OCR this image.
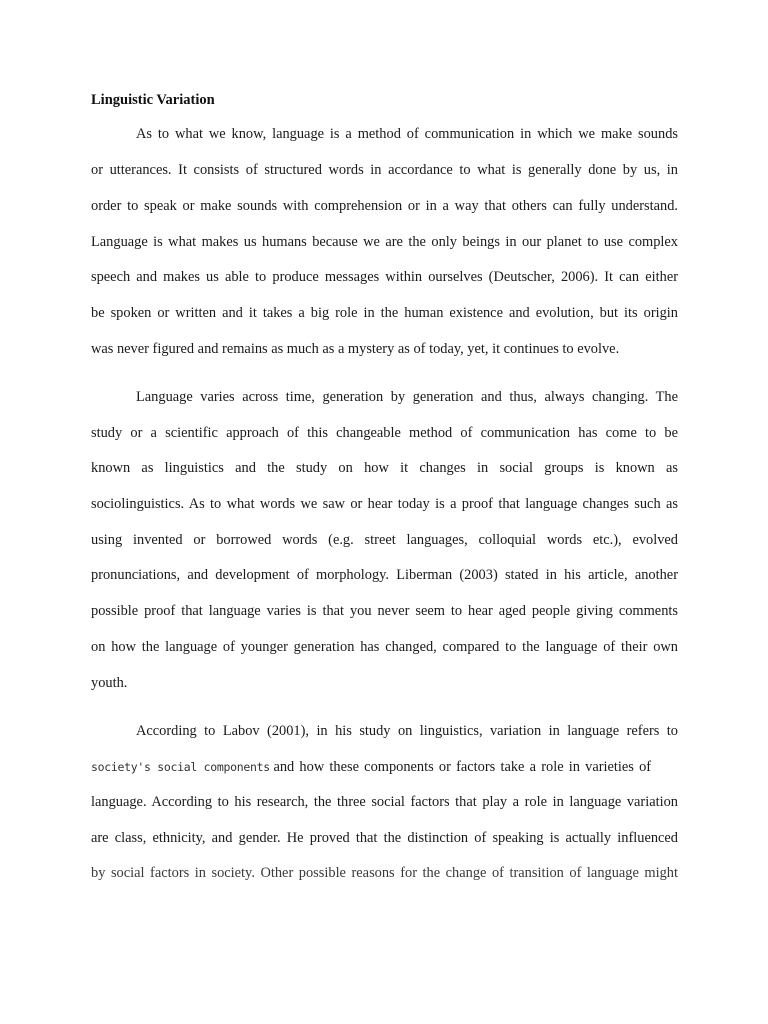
Linguistic Variation
As to what we know, language is a method of communication in which we make sounds
or utterances. It consists of structured words in accordance to what is generally done by us, in
order to speak or make sounds with comprehension or in a way that others can fully understand.
Language is what makes us humans because we are the only beings in our planet to use complex
speech and makes us able to produce messages within ourselves (Deutscher, 2006). It can either
be spoken or written and it takes a big role in the human existence and evolution, but its origin
was never figured and remains as much as a mystery as of today, yet, it continues to evolve.
Language varies across time, generation by generation and thus, always changing. The
study or a scientific approach of this changeable method of communication has come to be
known as linguistics and the study on how it changes in social groups is known as
sociolinguistics. As to what words we saw or hear today is a proof that language changes such as
using invented or borrowed words (e.g. street languages, colloquial words etc.), evolved
pronunciations, and development of morphology. Liberman (2003) stated in his article, another
possible proof that language varies is that you never seem to hear aged people giving comments
on how the language of younger generation has changed, compared to the language of their own
youth.
According to Labov (2001), in his study on linguistics, variation in language refers to
society's social components and how these components or factors take a role in varieties of
language. According to his research, the three social factors that play a role in language variation
are class, ethnicity, and gender. He proved that the distinction of speaking is actually influenced
by social factors in society. Other possible reasons for the change of transition of language might
